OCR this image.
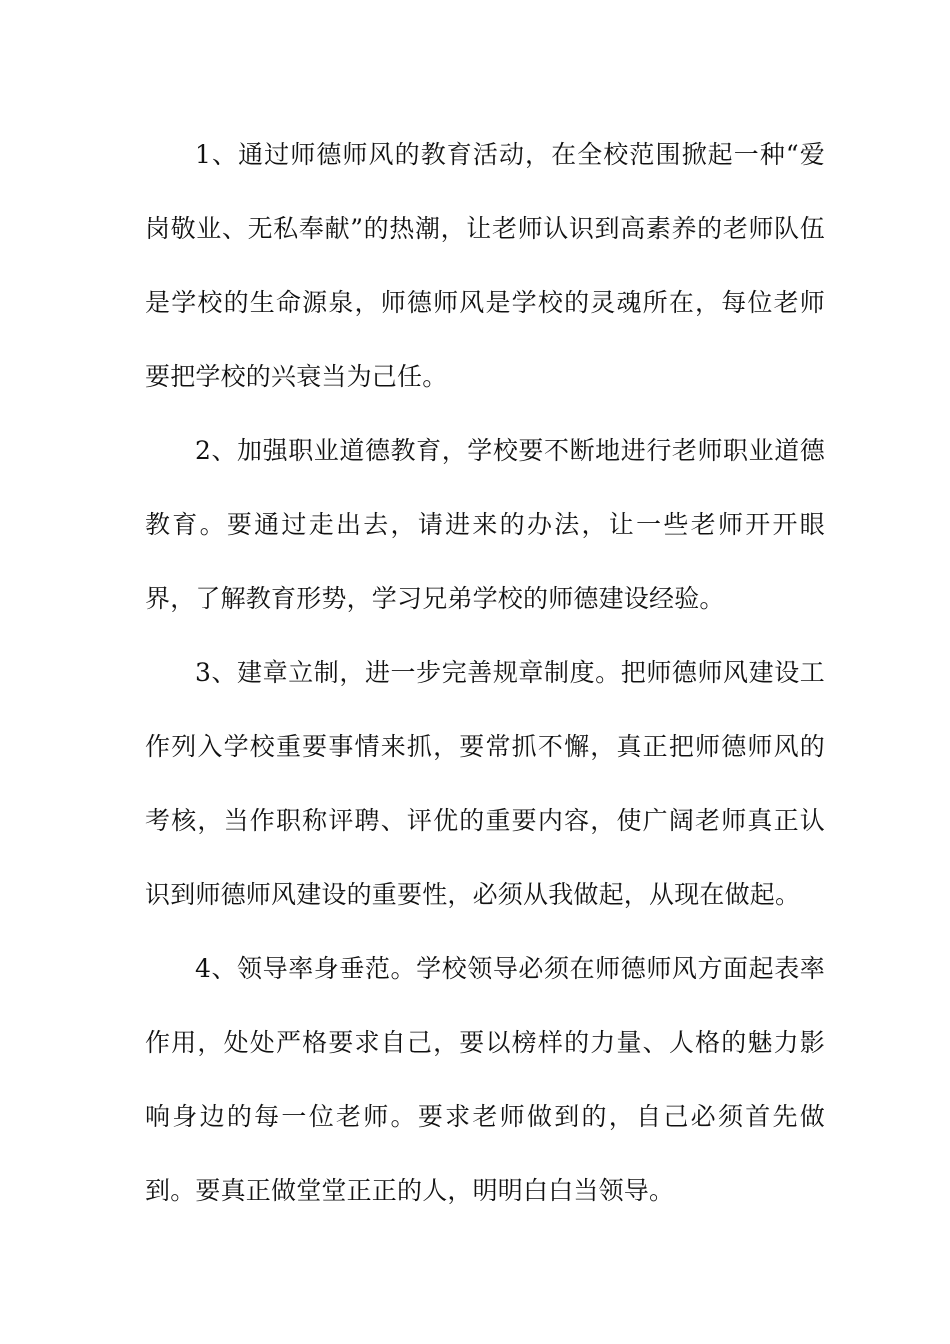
1、通过师德师风的教育活动，在全校范围掀起一种“爱岗敬业、无私奉献”的热潮，让老师认识到高素养的老师队伍是学校的生命源泉，师德师风是学校的灵魂所在，每位老师要把学校的兴衰当为己任。

2、加强职业道德教育，学校要不断地进行老师职业道德教育。要通过走出去，请进来的办法，让一些老师开开眼界，了解教育形势，学习兄弟学校的师德建设经验。

3、建章立制，进一步完善规章制度。把师德师风建设工作列入学校重要事情来抓，要常抓不懈，真正把师德师风的考核，当作职称评聘、评优的重要内容，使广阔老师真正认识到师德师风建设的重要性，必须从我做起，从现在做起。

4、领导率身垂范。学校领导必须在师德师风方面起表率作用，处处严格要求自己，要以榜样的力量、人格的魅力影响身边的每一位老师。要求老师做到的，自己必须首先做到。要真正做堂堂正正的人，明明白白当领导。
